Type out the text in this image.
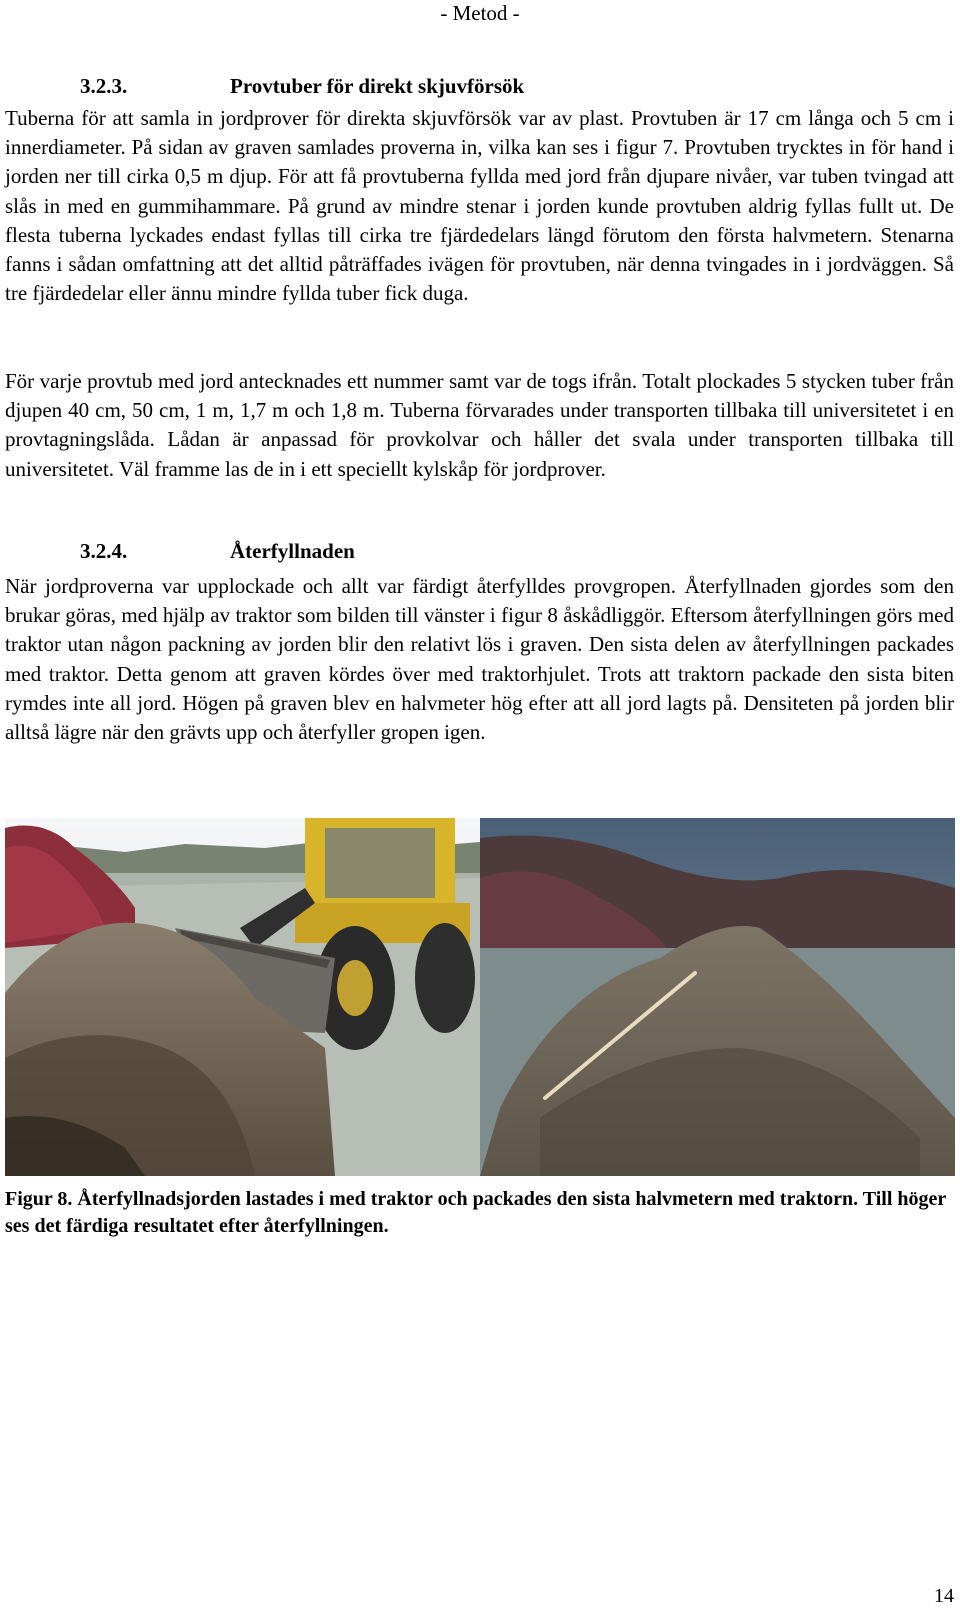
- Metod -
3.2.3.	Provtuber för direkt skjuvförsök
Tuberna för att samla in jordprover för direkta skjuvförsök var av plast. Provtuben är 17 cm långa och 5 cm i innerdiameter. På sidan av graven samlades proverna in, vilka kan ses i figur 7. Provtuben trycktes in för hand i jorden ner till cirka 0,5 m djup. För att få provtuberna fyllda med jord från djupare nivåer, var tuben tvingad att slås in med en gummihammare. På grund av mindre stenar i jorden kunde provtuben aldrig fyllas fullt ut. De flesta tuberna lyckades endast fyllas till cirka tre fjärdedelars längd förutom den första halvmetern. Stenarna fanns i sådan omfattning att det alltid påträffades ivägen för provtuben, när denna tvingades in i jordväggen. Så tre fjärdedelar eller ännu mindre fyllda tuber fick duga.
För varje provtub med jord antecknades ett nummer samt var de togs ifrån. Totalt plockades 5 stycken tuber från djupen 40 cm, 50 cm, 1 m, 1,7 m och 1,8 m. Tuberna förvarades under transporten tillbaka till universitetet i en provtagningslåda. Lådan är anpassad för provkolvar och håller det svala under transporten tillbaka till universitetet. Väl framme las de in i ett speciellt kylskåp för jordprover.
3.2.4.	Återfyllnaden
När jordproverna var upplockade och allt var färdigt återfylldes provgropen. Återfyllnaden gjordes som den brukar göras, med hjälp av traktor som bilden till vänster i figur 8 åskådliggör. Eftersom återfyllningen görs med traktor utan någon packning av jorden blir den relativt lös i graven. Den sista delen av återfyllningen packades med traktor. Detta genom att graven kördes över med traktorhjulet. Trots att traktorn packade den sista biten rymdes inte all jord. Högen på graven blev en halvmeter hög efter att all jord lagts på. Densiteten på jorden blir alltså lägre när den grävts upp och återfyller gropen igen.
Figur 8. Återfyllnadsjorden lastades i med traktor och packades den sista halvmetern med traktorn. Till höger ses det färdiga resultatet efter återfyllningen.
14
